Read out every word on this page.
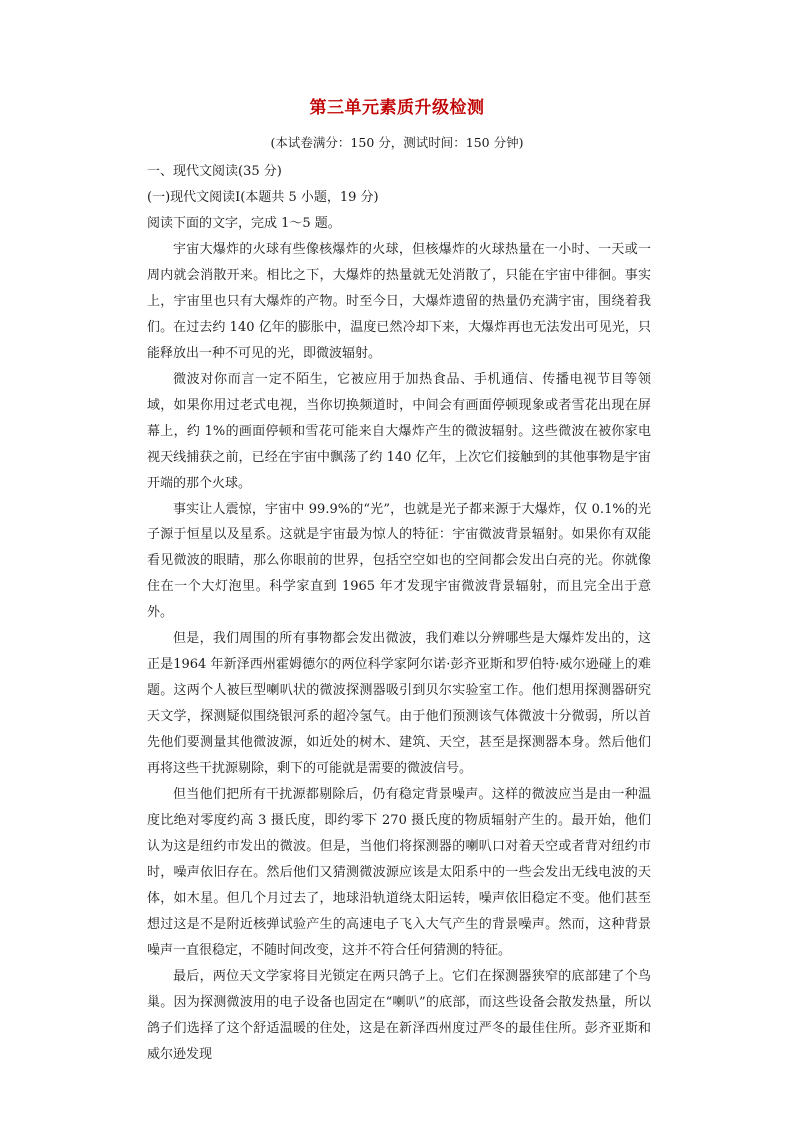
第三单元素质升级检测
(本试卷满分：150 分，测试时间：150 分钟)
一、现代文阅读(35 分)
(一)现代文阅读Ⅰ(本题共 5 小题，19 分)
阅读下面的文字，完成 1～5 题。

宇宙大爆炸的火球有些像核爆炸的火球，但核爆炸的火球热量在一小时、一天或一周内就会消散开来。相比之下，大爆炸的热量就无处消散了，只能在宇宙中徘徊。事实上，宇宙里也只有大爆炸的产物。时至今日，大爆炸遗留的热量仍充满宇宙，围绕着我们。在过去约 140 亿年的膨胀中，温度已然冷却下来，大爆炸再也无法发出可见光，只能释放出一种不可见的光，即微波辐射。

微波对你而言一定不陌生，它被应用于加热食品、手机通信、传播电视节目等领域，如果你用过老式电视，当你切换频道时，中间会有画面停顿现象或者雪花出现在屏幕上，约 1%的画面停顿和雪花可能来自大爆炸产生的微波辐射。这些微波在被你家电视天线捕获之前，已经在宇宙中飘荡了约 140 亿年，上次它们接触到的其他事物是宇宙开端的那个火球。

事实让人震惊，宇宙中 99.9%的“光”，也就是光子都来源于大爆炸，仅 0.1%的光子源于恒星以及星系。这就是宇宙最为惊人的特征：宇宙微波背景辐射。如果你有双能看见微波的眼睛，那么你眼前的世界，包括空空如也的空间都会发出白亮的光。你就像住在一个大灯泡里。科学家直到 1965 年才发现宇宙微波背景辐射，而且完全出于意外。

但是，我们周围的所有事物都会发出微波，我们难以分辨哪些是大爆炸发出的，这正是1964 年新泽西州霍姆德尔的两位科学家阿尔诺·彭齐亚斯和罗伯特·威尔逊碰上的难题。这两个人被巨型喇叭状的微波探测器吸引到贝尔实验室工作。他们想用探测器研究天文学，探测疑似围绕银河系的超冷氢气。由于他们预测该气体微波十分微弱，所以首先他们要测量其他微波源，如近处的树木、建筑、天空，甚至是探测器本身。然后他们再将这些干扰源剔除，剩下的可能就是需要的微波信号。

但当他们把所有干扰源都剔除后，仍有稳定背景噪声。这样的微波应当是由一种温度比绝对零度约高 3 摄氏度，即约零下 270 摄氏度的物质辐射产生的。最开始，他们认为这是纽约市发出的微波。但是，当他们将探测器的喇叭口对着天空或者背对纽约市时，噪声依旧存在。然后他们又猜测微波源应该是太阳系中的一些会发出无线电波的天体，如木星。但几个月过去了，地球沿轨道绕太阳运转，噪声依旧稳定不变。他们甚至想过这是不是附近核弹试验产生的高速电子飞入大气产生的背景噪声。然而，这种背景噪声一直很稳定，不随时间改变，这并不符合任何猜测的特征。

最后，两位天文学家将目光锁定在两只鸽子上。它们在探测器狭窄的底部建了个鸟巢。因为探测微波用的电子设备也固定在“喇叭”的底部，而这些设备会散发热量，所以鸽子们选择了这个舒适温暖的住处，这是在新泽西州度过严冬的最佳住所。彭齐亚斯和威尔逊发现
